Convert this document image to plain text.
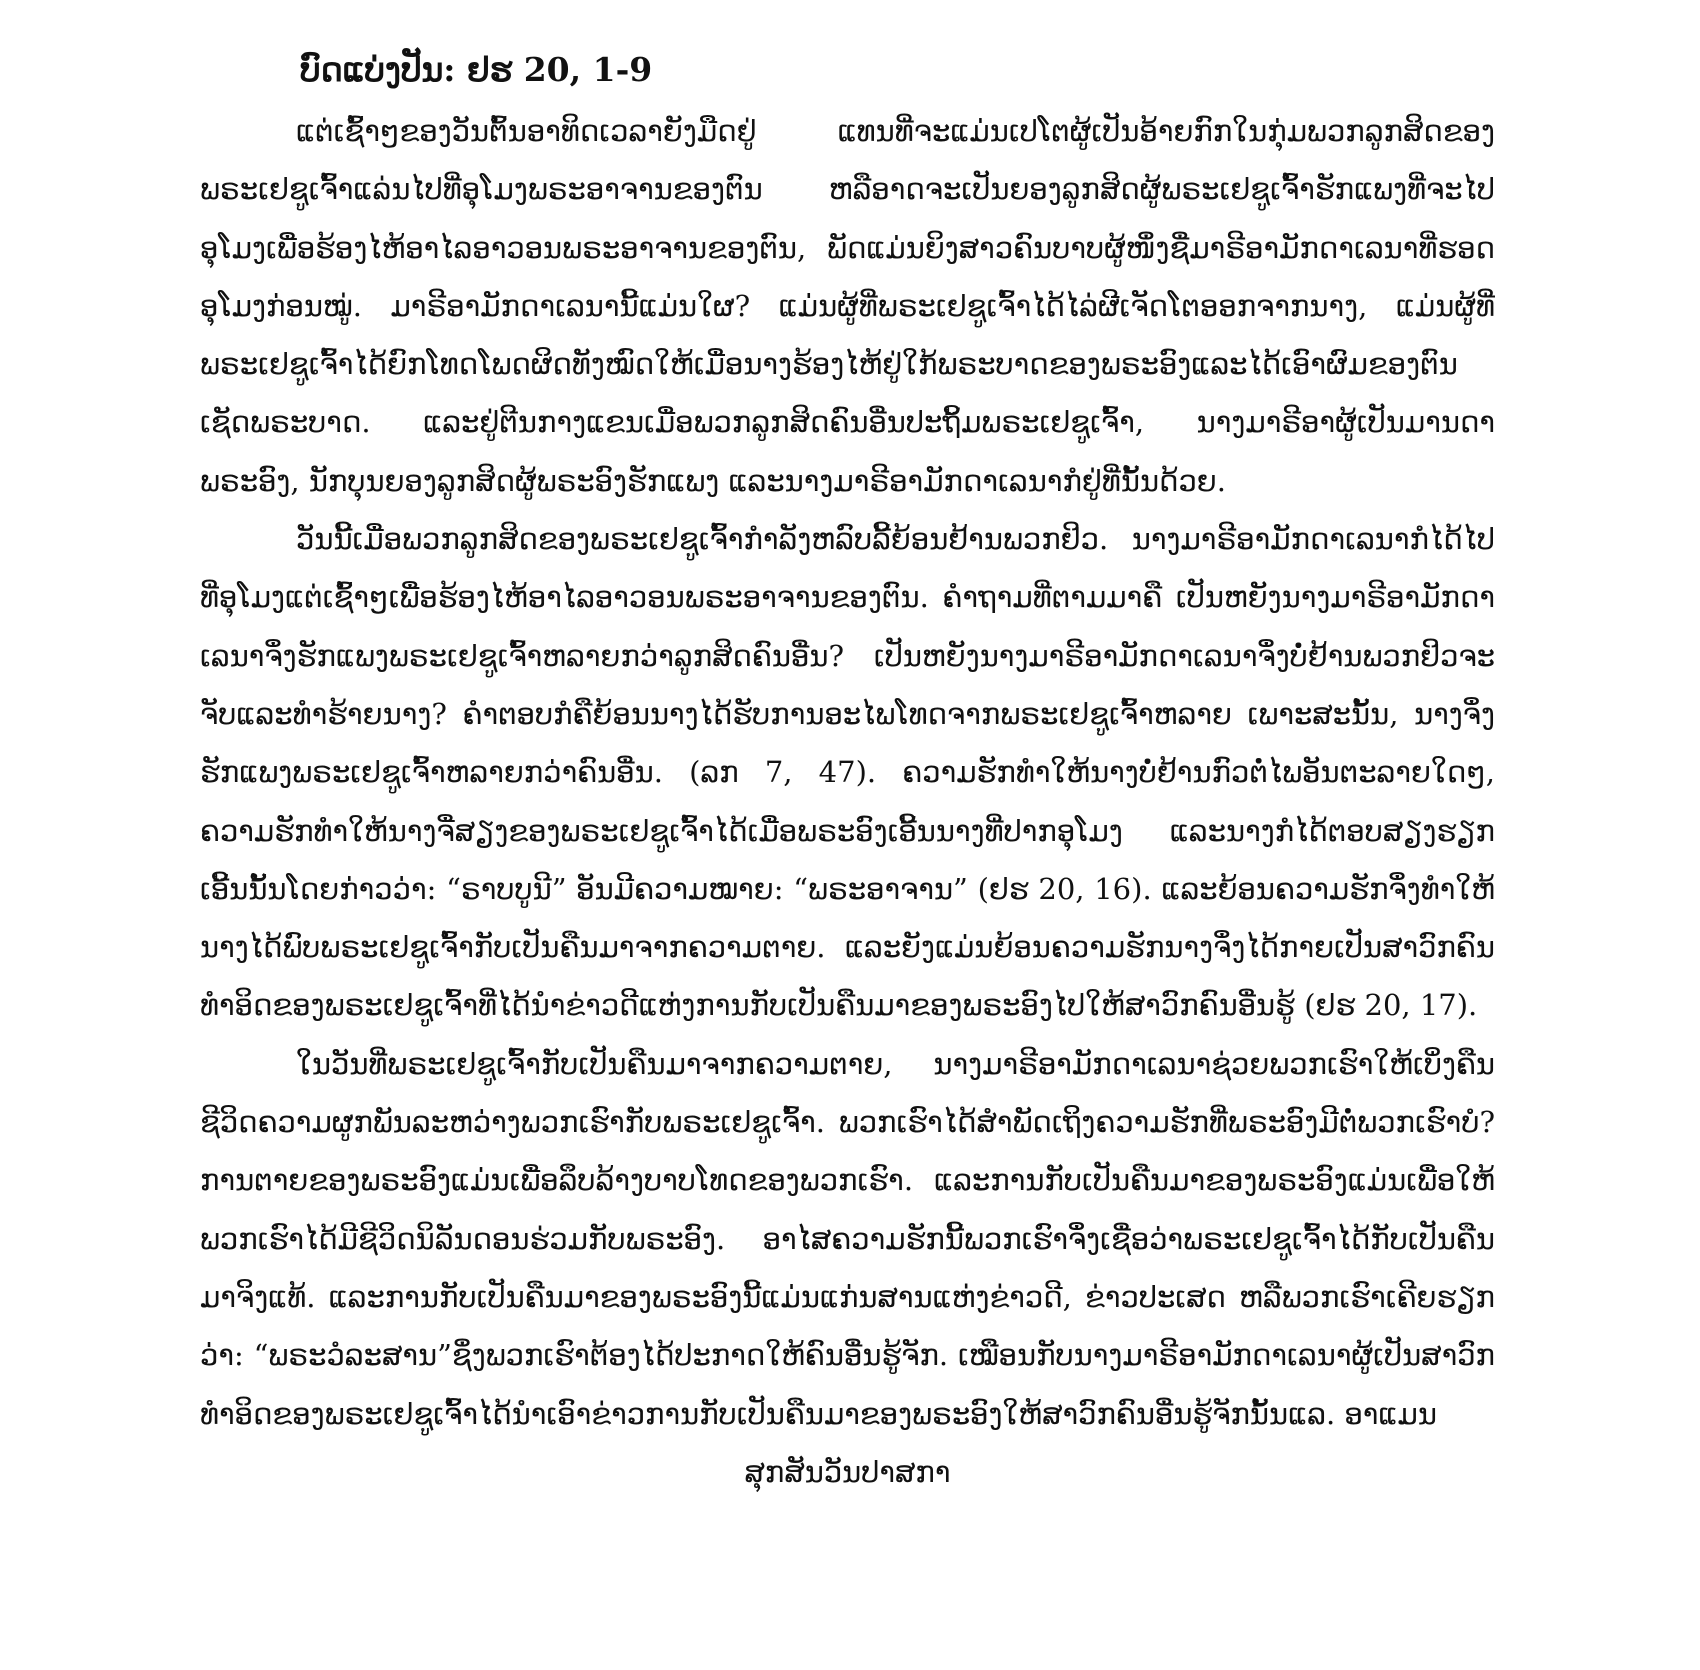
ບົດແບ່ງປັນ: ຢຮ 20, 1-9

ແຕ່ເຊົ້າໆຂອງວັນຕົ້ນອາທິດເວລາຍັງມືດຢູ່ ແທນທີ່ຈະແມ່ນເປໂຕຜູ້ເປັນອ້າຍກົກໃນກຸ່ມພວກລູກສິດຂອງພຣະເຢຊູເຈົ້າແລ່ນໄປທີ່ອຸໂມງພຣະອາຈານຂອງຕົນ ຫລືອາດຈະເປັນຍອງລູກສິດຜູ້ພຣະເຢຊູເຈົ້າຮັກແພງທີ່ຈະໄປອຸໂມງເພື່ອຮ້ອງໄຫ້ອາໄລອາວອນພຣະອາຈານຂອງຕົນ, ພັດແມ່ນຍິງສາວຄົນບາບຜູ້ໜຶ່ງຊື່ມາຣີອາມັກດາເລນາທີ່ຮອດອຸໂມງກ່ອນໝູ່. ມາຣີອາມັກດາເລນານີ້ແມ່ນໃຜ? ແມ່ນຜູ້ທີ່ພຣະເຢຊູເຈົ້າໄດ້ໄລ່ຜີເຈັດໂຕອອກຈາກນາງ, ແມ່ນຜູ້ທີ່ພຣະເຢຊູເຈົ້າໄດ້ຍົກໂທດໂພດຜິດທັງໝົດໃຫ້ເມື່ອນາງຮ້ອງໄຫ້ຢູ່ໃກ້ພຣະບາດຂອງພຣະອົງແລະໄດ້ເອົາຜົມຂອງຕົນເຊັດພຣະບາດ. ແລະຢູ່ຕີນກາງແຂນເມື່ອພວກລູກສິດຄົນອື່ນປະຖິ້ມພຣະເຢຊູເຈົ້າ, ນາງມາຣີອາຜູ້ເປັນມານດາພຣະອົງ, ນັກບຸນຍອງລູກສິດຜູ້ພຣະອົງຮັກແພງ ແລະນາງມາຣີອາມັກດາເລນາກໍຢູ່ທີ່ນັ້ນດ້ວຍ.

ວັນນີ້ເມື່ອພວກລູກສິດຂອງພຣະເຢຊູເຈົ້າກຳລັງຫລົບລີ້ຍ້ອນຢ້ານພວກຢິວ. ນາງມາຣີອາມັກດາເລນາກໍໄດ້ໄປທີ່ອຸໂມງແຕ່ເຊົ້າໆເພື່ອຮ້ອງໄຫ້ອາໄລອາວອນພຣະອາຈານຂອງຕົນ. ຄຳຖາມທີ່ຕາມມາຄື ເປັນຫຍັງນາງມາຣີອາມັກດາເລນາຈຶ່ງຮັກແພງພຣະເຢຊູເຈົ້າຫລາຍກວ່າລູກສິດຄົນອື່ນ? ເປັນຫຍັງນາງມາຣີອາມັກດາເລນາຈຶ່ງບໍ່ຢ້ານພວກຢິວຈະຈັບແລະທຳຮ້າຍນາງ? ຄຳຕອບກໍຄືຍ້ອນນາງໄດ້ຮັບການອະໄພໂທດຈາກພຣະເຢຊູເຈົ້າຫລາຍ ເພາະສະນັ້ນ, ນາງຈຶ່ງຮັກແພງພຣະເຢຊູເຈົ້າຫລາຍກວ່າຄົນອື່ນ. (ລກ 7, 47). ຄວາມຮັກທຳໃຫ້ນາງບໍ່ຢ້ານກົວຕໍ່ໄພອັນຕະລາຍໃດໆ, ຄວາມຮັກທຳໃຫ້ນາງຈື່ສຽງຂອງພຣະເຢຊູເຈົ້າໄດ້ເມື່ອພຣະອົງເອີ້ນນາງທີ່ປາກອຸໂມງ ແລະນາງກໍໄດ້ຕອບສຽງຮຽກເອີ້ນນັ້ນໂດຍກ່າວວ່າ: “ຣາບບູນີ” ອັນມີຄວາມໝາຍ: “ພຣະອາຈານ” (ຢຮ 20, 16). ແລະຍ້ອນຄວາມຮັກຈຶ່ງທຳໃຫ້ນາງໄດ້ພົບພຣະເຢຊູເຈົ້າກັບເປັນຄືນມາຈາກຄວາມຕາຍ. ແລະຍັງແມ່ນຍ້ອນຄວາມຮັກນາງຈຶ່ງໄດ້ກາຍເປັນສາວົກຄົນທຳອິດຂອງພຣະເຢຊູເຈົ້າທີ່ໄດ້ນຳຂ່າວດີແຫ່ງການກັບເປັນຄືນມາຂອງພຣະອົງໄປໃຫ້ສາວົກຄົນອື່ນຮູ້ (ຢຮ 20, 17).

ໃນວັນທີ່ພຣະເຢຊູເຈົ້າກັບເປັນຄືນມາຈາກຄວາມຕາຍ, ນາງມາຣີອາມັກດາເລນາຊ່ວຍພວກເຮົາໃຫ້ເບິ່ງຄືນຊີວິດຄວາມຜູກພັນລະຫວ່າງພວກເຮົາກັບພຣະເຢຊູເຈົ້າ. ພວກເຮົາໄດ້ສຳພັດເຖິງຄວາມຮັກທີ່ພຣະອົງມີຕໍ່ພວກເຮົາບໍ? ການຕາຍຂອງພຣະອົງແມ່ນເພື່ອລຶບລ້າງບາບໂທດຂອງພວກເຮົາ. ແລະການກັບເປັນຄືນມາຂອງພຣະອົງແມ່ນເພື່ອໃຫ້ພວກເຮົາໄດ້ມີຊີວິດນິລັນດອນຮ່ວມກັບພຣະອົງ. ອາໄສຄວາມຮັກນີ້ພວກເຮົາຈຶ່ງເຊື່ອວ່າພຣະເຢຊູເຈົ້າໄດ້ກັບເປັນຄືນມາຈິງແທ້. ແລະການກັບເປັນຄືນມາຂອງພຣະອົງນີ້ແມ່ນແກ່ນສານແຫ່ງຂ່າວດີ, ຂ່າວປະເສດ ຫລືພວກເຮົາເຄີຍຮຽກວ່າ: “ພຣະວໍລະສານ”ຊຶ່ງພວກເຮົາຕ້ອງໄດ້ປະກາດໃຫ້ຄົນອື່ນຮູ້ຈັກ. ເໝືອນກັບນາງມາຣີອາມັກດາເລນາຜູ້ເປັນສາວົກທຳອິດຂອງພຣະເຢຊູເຈົ້າໄດ້ນຳເອົາຂ່າວການກັບເປັນຄືນມາຂອງພຣະອົງໃຫ້ສາວົກຄົນອື່ນຮູ້ຈັກນັ້ນແລ. ອາແມນ

ສຸກສັນວັນປາສກາ
